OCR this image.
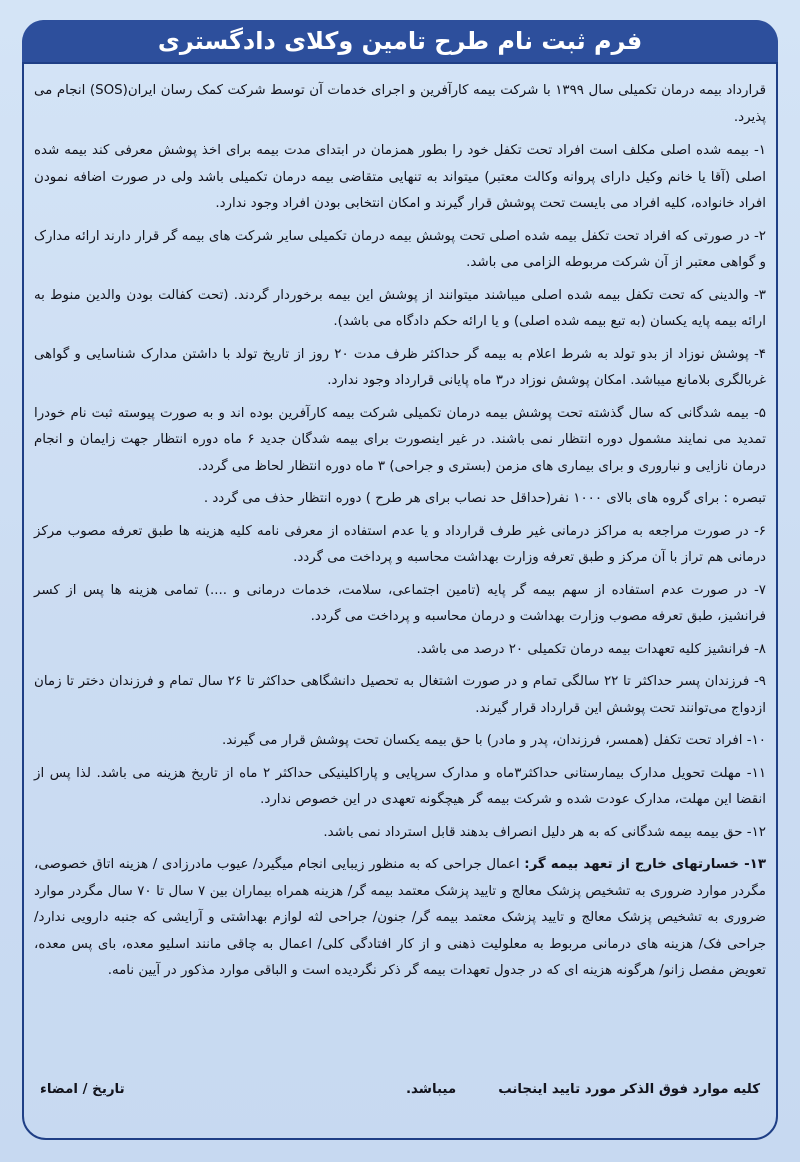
فرم ثبت نام طرح تامین وکلای دادگستری

قرارداد بیمه درمان تکمیلی سال ۱۳۹۹ با شرکت بیمه کارآفرین و اجرای خدمات آن توسط شرکت کمک رسان ایران(SOS) انجام می پذیرد.

۱- بیمه شده اصلی مکلف است افراد تحت تکفل خود را بطور همزمان در ابتدای مدت بیمه برای اخذ پوشش معرفی کند بیمه شده اصلی (آقا یا خانم وکیل دارای پروانه وکالت معتبر) میتواند به تنهایی متقاضی بیمه درمان تکمیلی باشد ولی در صورت اضافه نمودن افراد خانواده، کلیه افراد می بایست تحت پوشش قرار گیرند و امکان انتخابی بودن افراد وجود ندارد.

۲- در صورتی که افراد تحت تکفل بیمه شده اصلی تحت پوشش بیمه درمان تکمیلی سایر شرکت های بیمه گر قرار دارند ارائه مدارک و گواهی معتبر از آن شرکت مربوطه الزامی می باشد.

۳- والدینی که تحت تکفل بیمه شده اصلی میباشند میتوانند از پوشش این بیمه برخوردار گردند. (تحت کفالت بودن والدین منوط به ارائه بیمه پایه یکسان (به تبع بیمه شده اصلی) و یا ارائه حکم دادگاه می باشد).

۴- پوشش نوزاد از بدو تولد به شرط اعلام به بیمه گر حداکثر ظرف مدت ۲۰ روز از تاریخ تولد با داشتن مدارک شناسایی و گواهی غربالگری بلامانع میباشد. امکان پوشش نوزاد در۳ ماه پایانی قرارداد وجود ندارد.

۵- بیمه شدگانی که سال گذشته تحت پوشش بیمه درمان تکمیلی شرکت بیمه کارآفرین بوده اند و به صورت پیوسته ثبت نام خودرا تمدید می نمایند مشمول دوره انتظار نمی باشند. در غیر اینصورت برای بیمه شدگان جدید ۶ ماه دوره انتظار جهت زایمان و انجام درمان نازایی و نباروری و برای بیماری های مزمن (بستری و جراحی) ۳ ماه دوره انتظار لحاظ می گردد.

تبصره : برای گروه های بالای ۱۰۰۰ نفر(حداقل حد نصاب برای هر طرح ) دوره انتظار حذف می گردد .

۶- در صورت مراجعه به مراکز درمانی غیر طرف قرارداد و یا عدم استفاده از معرفی نامه کلیه هزینه ها طبق تعرفه مصوب مرکز درمانی هم تراز با آن مرکز و طبق تعرفه وزارت بهداشت محاسبه و پرداخت می گردد.

۷- در صورت عدم استفاده از سهم بیمه گر پایه (تامین اجتماعی، سلامت، خدمات درمانی و ....) تمامی هزینه ها پس از کسر فرانشیز، طبق تعرفه مصوب وزارت بهداشت و درمان محاسبه و پرداخت می گردد.

۸- فرانشیز کلیه تعهدات بیمه درمان تکمیلی ۲۰ درصد می باشد.

۹- فرزندان پسر حداکثر تا ۲۲ سالگی تمام و در صورت اشتغال به تحصیل دانشگاهی حداکثر تا ۲۶ سال تمام و فرزندان دختر تا زمان ازدواج می‌توانند تحت پوشش این قرارداد قرار گیرند.

۱۰- افراد تحت تکفل (همسر، فرزندان، پدر و مادر) با حق بیمه یکسان تحت پوشش قرار می گیرند.

۱۱- مهلت تحویل مدارک بیمارستانی حداکثر۳ماه و مدارک سرپایی و پاراکلینیکی حداکثر ۲ ماه از تاریخ هزینه می باشد. لذا پس از انقضا این مهلت، مدارک عودت شده و شرکت بیمه گر هیچگونه تعهدی در این خصوص ندارد.

۱۲- حق بیمه بیمه شدگانی که به هر دلیل انصراف بدهند قابل استرداد نمی باشد.

۱۳- خسارتهای خارج از تعهد بیمه گر: اعمال جراحی که به منظور زیبایی انجام میگیرد/ عیوب مادرزادی / هزینه اتاق خصوصی، مگردر موارد ضروری به تشخیص پزشک معالج و تایید پزشک معتمد بیمه گر/ هزینه همراه بیماران بین ۷ سال تا ۷۰ سال مگردر موارد ضروری به تشخیص پزشک معالج و تایید پزشک معتمد بیمه گر/ جنون/ جراحی لثه لوازم بهداشتی و آرایشی که جنبه دارویی ندارد/ جراحی فک/ هزینه های درمانی مربوط به معلولیت ذهنی و از کار افتادگی کلی/ اعمال به چاقی مانند اسلیو معده، بای پس معده، تعویض مفصل زانو/ هرگونه هزینه ای که در جدول تعهدات بیمه گر ذکر نگردیده است و الباقی موارد مذکور در آیین نامه.

کلیه موارد فوق الذکر مورد تایید اینجانب
میباشد.
تاریخ / امضاء
